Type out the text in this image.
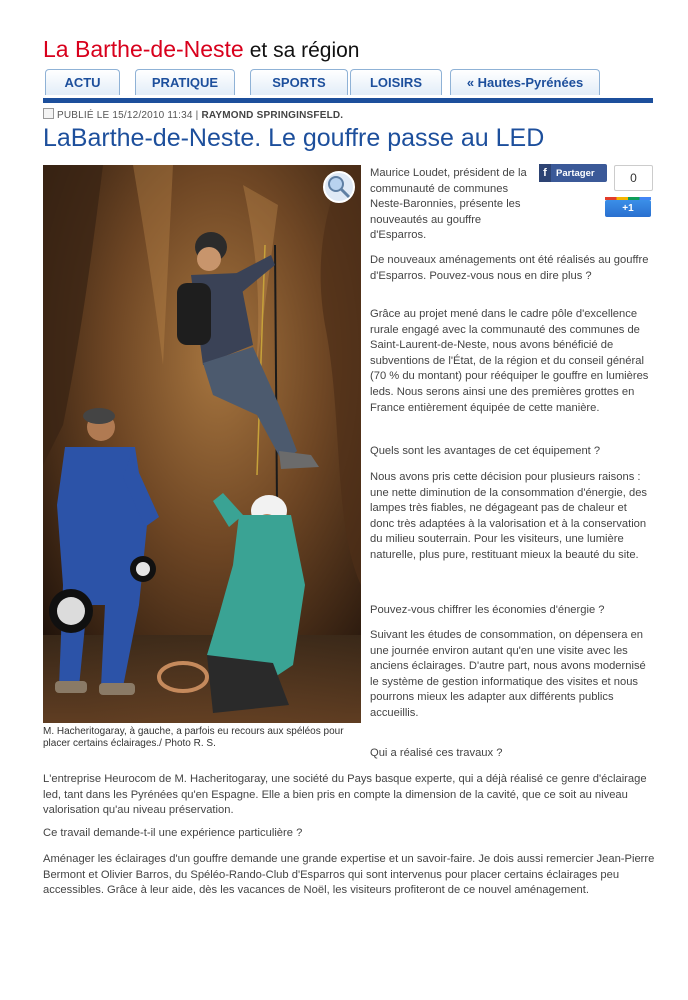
La Barthe-de-Neste et sa région
ACTU	PRATIQUE	SPORTS	LOISIRS	« Hautes-Pyrénées
PUBLIÉ LE 15/12/2010 11:34 | RAYMOND SPRINGINSFELD.
LaBarthe-de-Neste. Le gouffre passe au LED
M. Hacheritogaray, à gauche, a parfois eu recours aux spéléos pour placer certains éclairages./ Photo R. S.

Maurice Loudet, président de la communauté de communes Neste-Baronnies, présente les nouveautés au gouffre d'Esparros.

f Partager	0
+1

De nouveaux aménagements ont été réalisés au gouffre d'Esparros. Pouvez-vous nous en dire plus ?

Grâce au projet mené dans le cadre pôle d'excellence rurale engagé avec la communauté des communes de Saint-Laurent-de-Neste, nous avons bénéficié de subventions de l'État, de la région et du conseil général (70 % du montant) pour rééquiper le gouffre en lumières leds. Nous serons ainsi une des premières grottes en France entièrement équipée de cette manière.

Quels sont les avantages de cet équipement ?

Nous avons pris cette décision pour plusieurs raisons : une nette diminution de la consommation d'énergie, des lampes très fiables, ne dégageant pas de chaleur et donc très adaptées à la valorisation et à la conservation du milieu souterrain. Pour les visiteurs, une lumière naturelle, plus pure, restituant mieux la beauté du site.

Pouvez-vous chiffrer les économies d'énergie ?

Suivant les études de consommation, on dépensera en une journée environ autant qu'en une visite avec les anciens éclairages. D'autre part, nous avons modernisé le système de gestion informatique des visites et nous pourrons mieux les adapter aux différents publics accueillis.

Qui a réalisé ces travaux ?

L'entreprise Heurocom de M. Hacheritogaray, une société du Pays basque experte, qui a déjà réalisé ce genre d'éclairage led, tant dans les Pyrénées qu'en Espagne. Elle a bien pris en compte la dimension de la cavité, que ce soit au niveau valorisation qu'au niveau préservation.

Ce travail demande-t-il une expérience particulière ?

Aménager les éclairages d'un gouffre demande une grande expertise et un savoir-faire. Je dois aussi remercier Jean-Pierre Bermont et Olivier Barros, du Spéléo-Rando-Club d'Esparros qui sont intervenus pour placer certains éclairages peu accessibles. Grâce à leur aide, dès les vacances de Noël, les visiteurs profiteront de ce nouvel aménagement.
